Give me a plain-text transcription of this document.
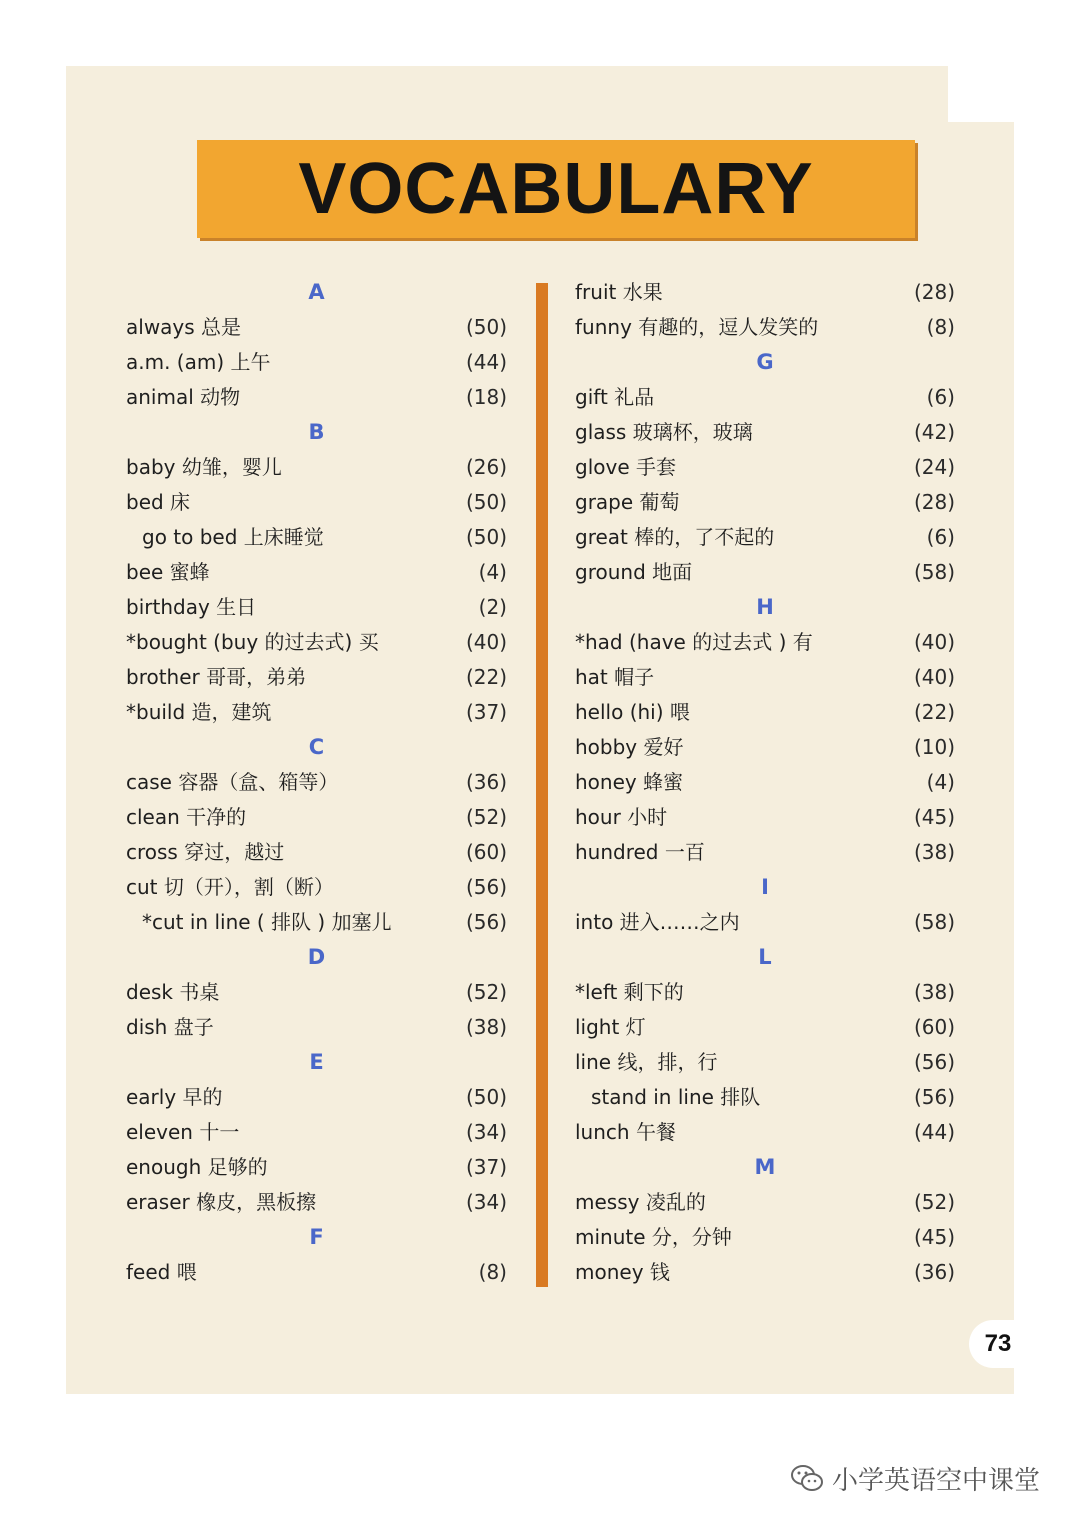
VOCABULARY
A
always 总是	(50)
a.m. (am) 上午	(44)
animal 动物	(18)
B
baby 幼雏，婴儿	(26)
bed 床	(50)
go to bed 上床睡觉	(50)
bee 蜜蜂	(4)
birthday 生日	(2)
*bought (buy 的过去式) 买	(40)
brother 哥哥，弟弟	(22)
*build 造，建筑	(37)
C
case 容器（盒、箱等）	(36)
clean 干净的	(52)
cross 穿过，越过	(60)
cut 切（开），割（断）	(56)
*cut in line ( 排队 ) 加塞儿	(56)
D
desk 书桌	(52)
dish 盘子	(38)
E
early 早的	(50)
eleven 十一	(34)
enough 足够的	(37)
eraser 橡皮，黑板擦	(34)
F
feed 喂	(8)
fruit 水果	(28)
funny 有趣的，逗人发笑的	(8)
G
gift 礼品	(6)
glass 玻璃杯，玻璃	(42)
glove 手套	(24)
grape 葡萄	(28)
great 棒的，了不起的	(6)
ground 地面	(58)
H
*had (have 的过去式 ) 有	(40)
hat 帽子	(40)
hello (hi) 喂	(22)
hobby 爱好	(10)
honey 蜂蜜	(4)
hour 小时	(45)
hundred 一百	(38)
I
into 进入……之内	(58)
L
*left 剩下的	(38)
light 灯	(60)
line 线，排，行	(56)
stand in line 排队	(56)
lunch 午餐	(44)
M
messy 凌乱的	(52)
minute 分，分钟	(45)
money 钱	(36)
73
小学英语空中课堂
